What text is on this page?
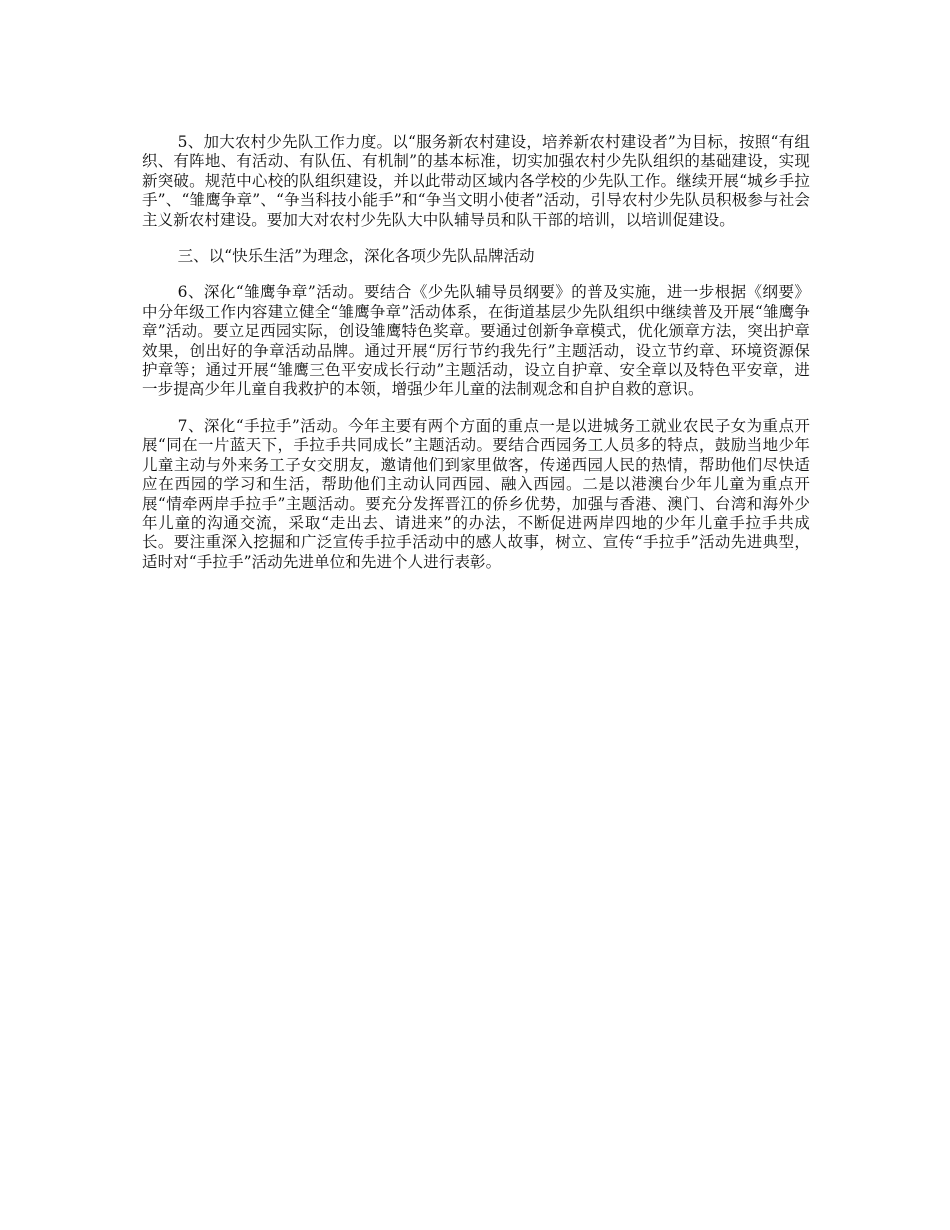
5、加大农村少先队工作力度。以“服务新农村建设，培养新农村建设者”为目标，按照“有组织、有阵地、有活动、有队伍、有机制”的基本标准，切实加强农村少先队组织的基础建设，实现新突破。规范中心校的队组织建设，并以此带动区域内各学校的少先队工作。继续开展“城乡手拉手”、“雏鹰争章”、“争当科技小能手”和“争当文明小使者”活动，引导农村少先队员积极参与社会主义新农村建设。要加大对农村少先队大中队辅导员和队干部的培训，以培训促建设。

三、以“快乐生活”为理念，深化各项少先队品牌活动

6、深化“雏鹰争章”活动。要结合《少先队辅导员纲要》的普及实施，进一步根据《纲要》中分年级工作内容建立健全“雏鹰争章”活动体系，在街道基层少先队组织中继续普及开展“雏鹰争章”活动。要立足西园实际，创设雏鹰特色奖章。要通过创新争章模式，优化颁章方法，突出护章效果，创出好的争章活动品牌。通过开展“厉行节约我先行”主题活动，设立节约章、环境资源保护章等；通过开展“雏鹰三色平安成长行动”主题活动，设立自护章、安全章以及特色平安章，进一步提高少年儿童自我救护的本领，增强少年儿童的法制观念和自护自救的意识。

7、深化“手拉手”活动。今年主要有两个方面的重点一是以进城务工就业农民子女为重点开展“同在一片蓝天下，手拉手共同成长”主题活动。要结合西园务工人员多的特点，鼓励当地少年儿童主动与外来务工子女交朋友，邀请他们到家里做客，传递西园人民的热情，帮助他们尽快适应在西园的学习和生活，帮助他们主动认同西园、融入西园。二是以港澳台少年儿童为重点开展“情牵两岸手拉手”主题活动。要充分发挥晋江的侨乡优势，加强与香港、澳门、台湾和海外少年儿童的沟通交流，采取“走出去、请进来”的办法，不断促进两岸四地的少年儿童手拉手共成长。要注重深入挖掘和广泛宣传手拉手活动中的感人故事，树立、宣传“手拉手”活动先进典型，适时对“手拉手”活动先进单位和先进个人进行表彰。
